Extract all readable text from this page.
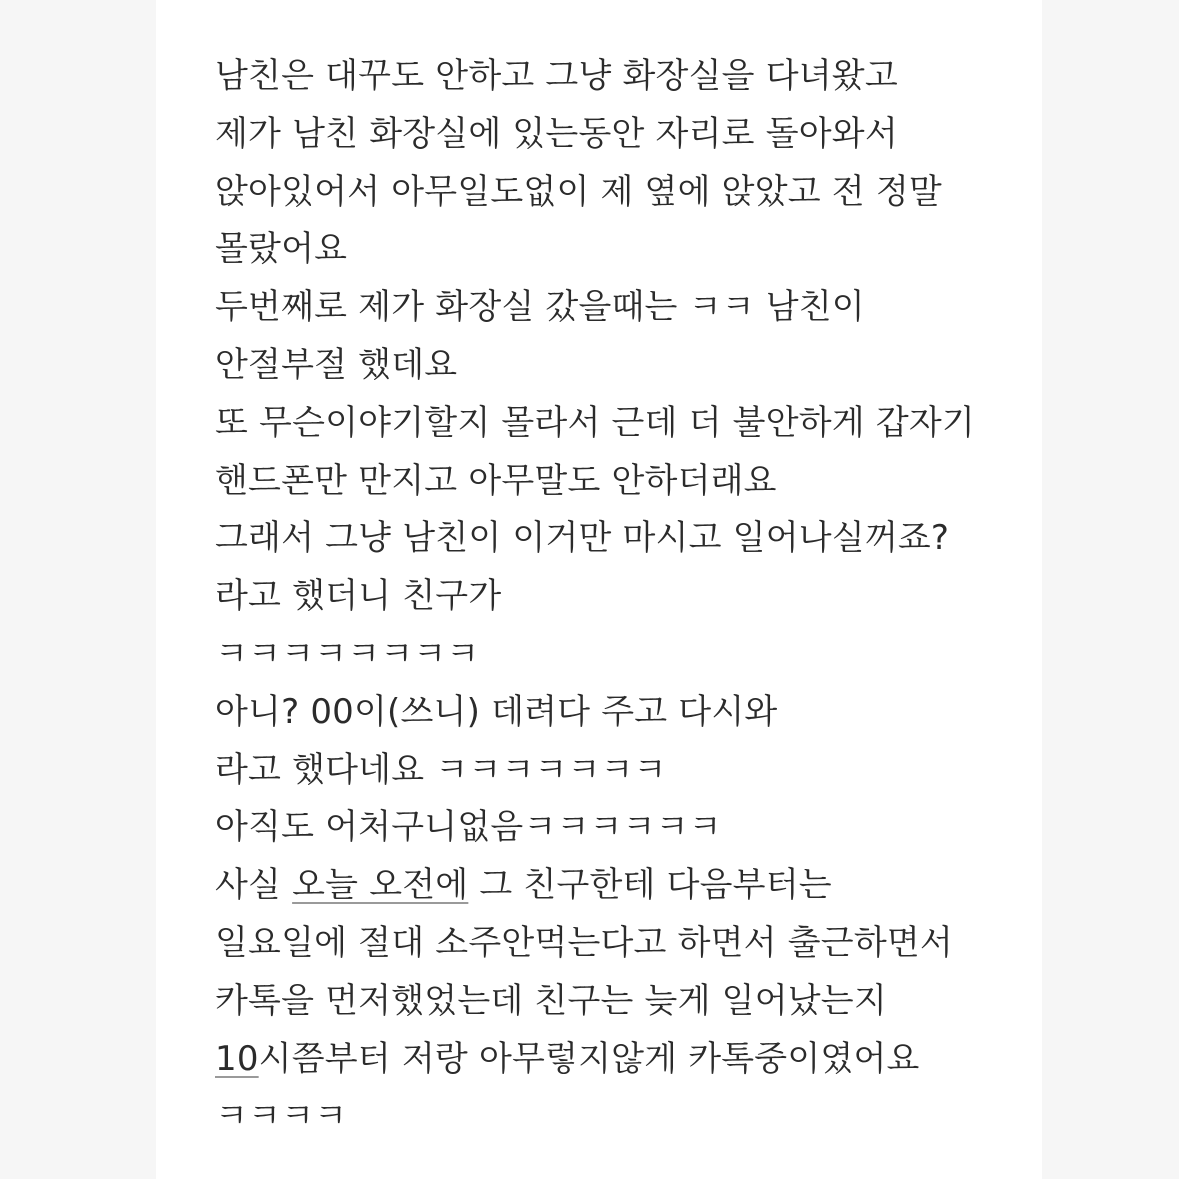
남친은 대꾸도 안하고 그냥 화장실을 다녀왔고
제가 남친 화장실에 있는동안 자리로 돌아와서
앉아있어서 아무일도없이 제 옆에 앉았고 전 정말
몰랐어요
두번째로 제가 화장실 갔을때는 ㅋㅋ 남친이
안절부절 했데요
또 무슨이야기할지 몰라서 근데 더 불안하게 갑자기
핸드폰만 만지고 아무말도 안하더래요
그래서 그냥 남친이 이거만 마시고 일어나실꺼죠?
라고 했더니 친구가
ㅋㅋㅋㅋㅋㅋㅋㅋ
아니? 00이(쓰니) 데려다 주고 다시와
라고 했다네요 ㅋㅋㅋㅋㅋㅋㅋ
아직도 어처구니없음ㅋㅋㅋㅋㅋㅋ
사실 오늘 오전에 그 친구한테 다음부터는
일요일에 절대 소주안먹는다고 하면서 출근하면서
카톡을 먼저했었는데 친구는 늦게 일어났는지
10시쯤부터 저랑 아무렇지않게 카톡중이였어요
ㅋㅋㅋㅋ
